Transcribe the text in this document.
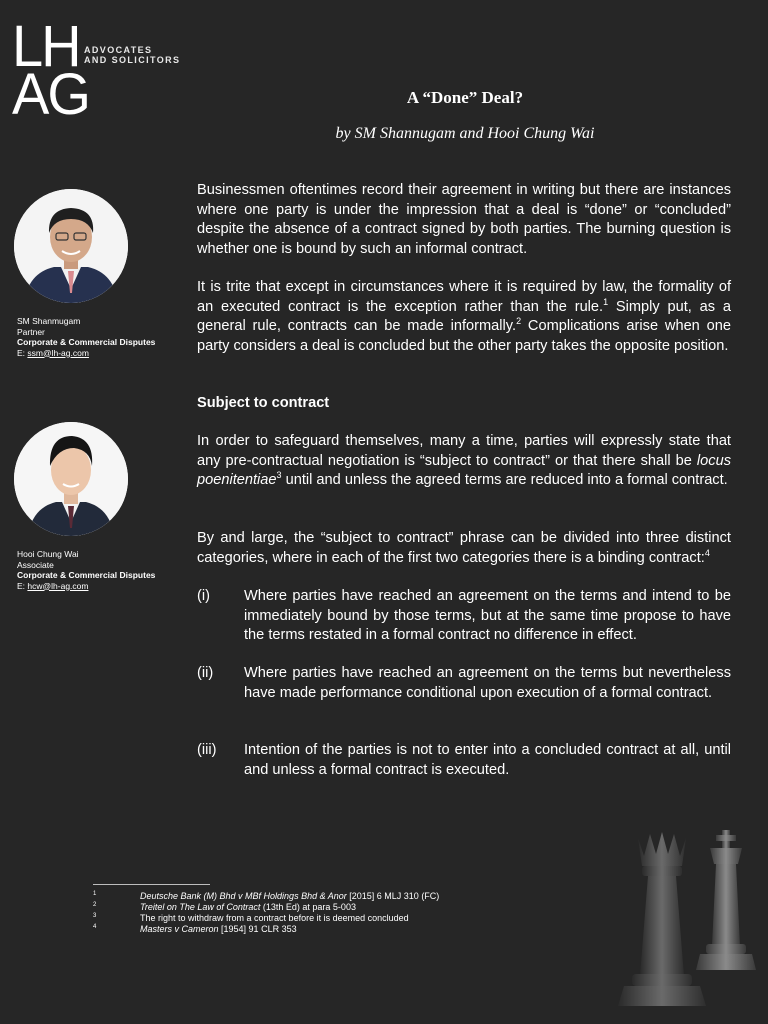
LH
AG
ADVOCATES
AND SOLICITORS
A “Done” Deal?
by SM Shannugam and Hooi Chung Wai
SM Shanmugam
Partner
Corporate & Commercial Disputes
E: ssm@lh-ag.com
Hooi Chung Wai
Associate
Corporate & Commercial Disputes
E: hcw@lh-ag.com

Businessmen oftentimes record their agreement in writing but there are instances where one party is under the impression that a deal is “done” or “concluded” despite the absence of a contract signed by both parties. The burning question is whether one is bound by such an informal contract.

It is trite that except in circumstances where it is required by law, the formality of an executed contract is the exception rather than the rule.$^1$ Simply put, as a general rule, contracts can be made informally.$^2$ Complications arise when one party considers a deal is concluded but the other party takes the opposite position.

Subject to contract

In order to safeguard themselves, many a time, parties will expressly state that any pre-contractual negotiation is “subject to contract” or that there shall be locus poenitentiae$^3$ until and unless the agreed terms are reduced into a formal contract.

By and large, the “subject to contract” phrase can be divided into three distinct categories, where in each of the first two categories there is a binding contract:$^4$

(i) Where parties have reached an agreement on the terms and intend to be immediately bound by those terms, but at the same time propose to have the terms restated in a formal contract no difference in effect.
(ii) Where parties have reached an agreement on the terms but nevertheless have made performance conditional upon execution of a formal contract.
(iii) Intention of the parties is not to enter into a concluded contract at all, until and unless a formal contract is executed.
1	Deutsche Bank (M) Bhd v MBf Holdings Bhd & Anor [2015] 6 MLJ 310 (FC)
2	Treitel on The Law of Contract (13th Ed) at para 5-003
3	The right to withdraw from a contract before it is deemed concluded
4	Masters v Cameron [1954] 91 CLR 353
